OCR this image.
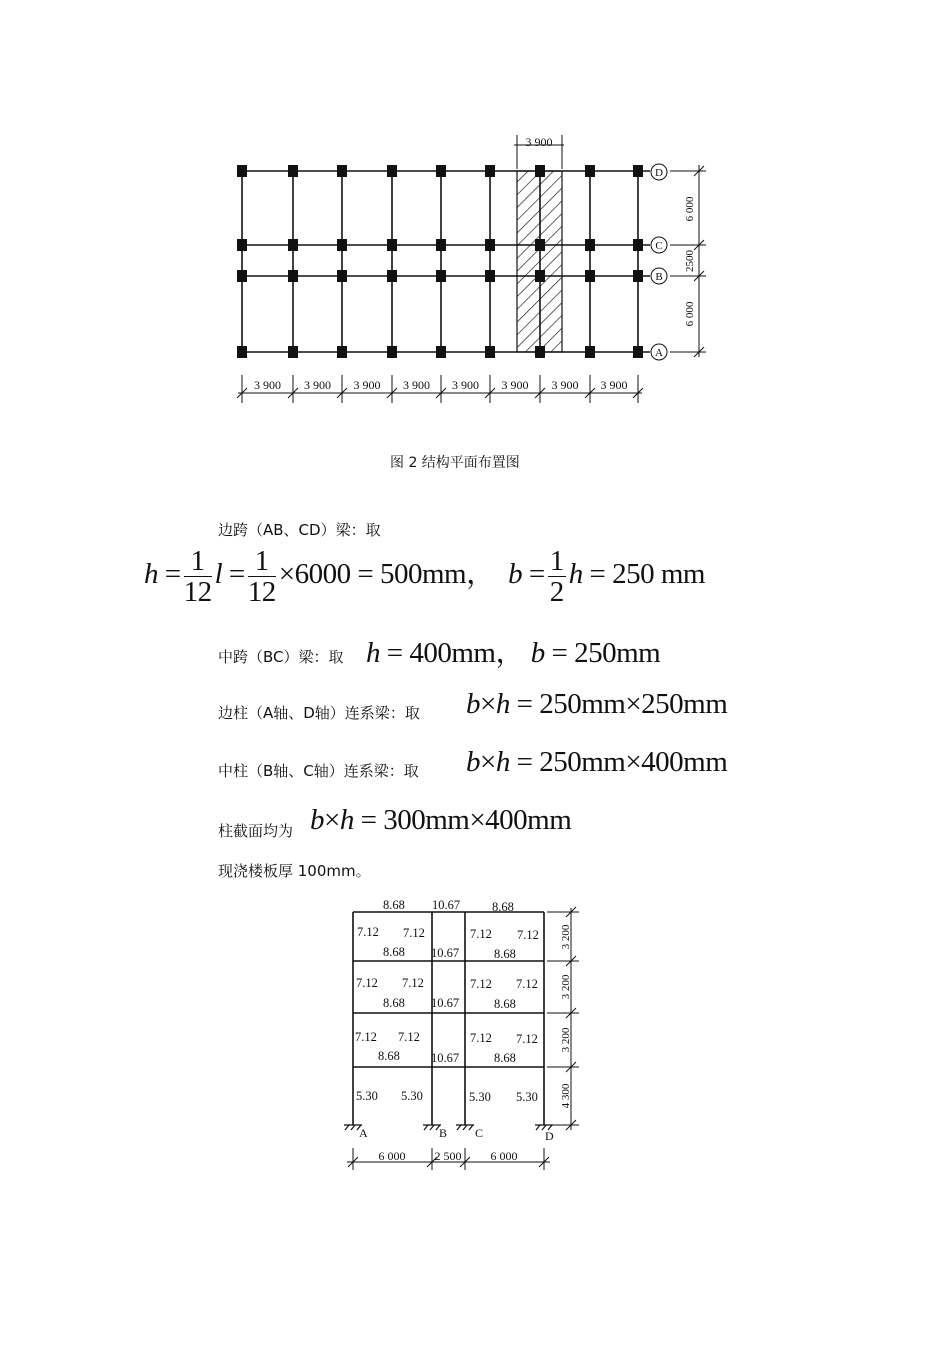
3 900
D
C
B
A
6 000
2500
6 000
3 900 3 900 3 900 3 900 3 900 3 900 3 900 3 900
图 2 结构平面布置图
边跨（AB、CD）梁：取
$h = \frac{1}{12}$ $l = \frac{1}{12} \times 6000 = 500mm$， $b = \frac{1}{2}$ h = 250 mm
中跨（BC）梁：取 h = 400mm， b = 250mm
边柱（A轴、D轴）连系梁：取 b×h = 250mm×250mm
中柱（B轴、C轴）连系梁：取 b×h = 250mm×400mm
柱截面均为 b×h = 300mm×400mm
现浇楼板厚 100mm。
A	B C	D
8.68 10.67	8.68
7.12 7.12	7.12 7.12
8.68 10.67	8.68
7.12 7.12	7.12 7.12
8.68 10.67	8.68
7.12 7.12	7.12 7.12
8.68 10.67	8.68
5.30 5.30	5.30 5.30
3 200
3 200
3 200
4 300
6 000 2 500 6 000
